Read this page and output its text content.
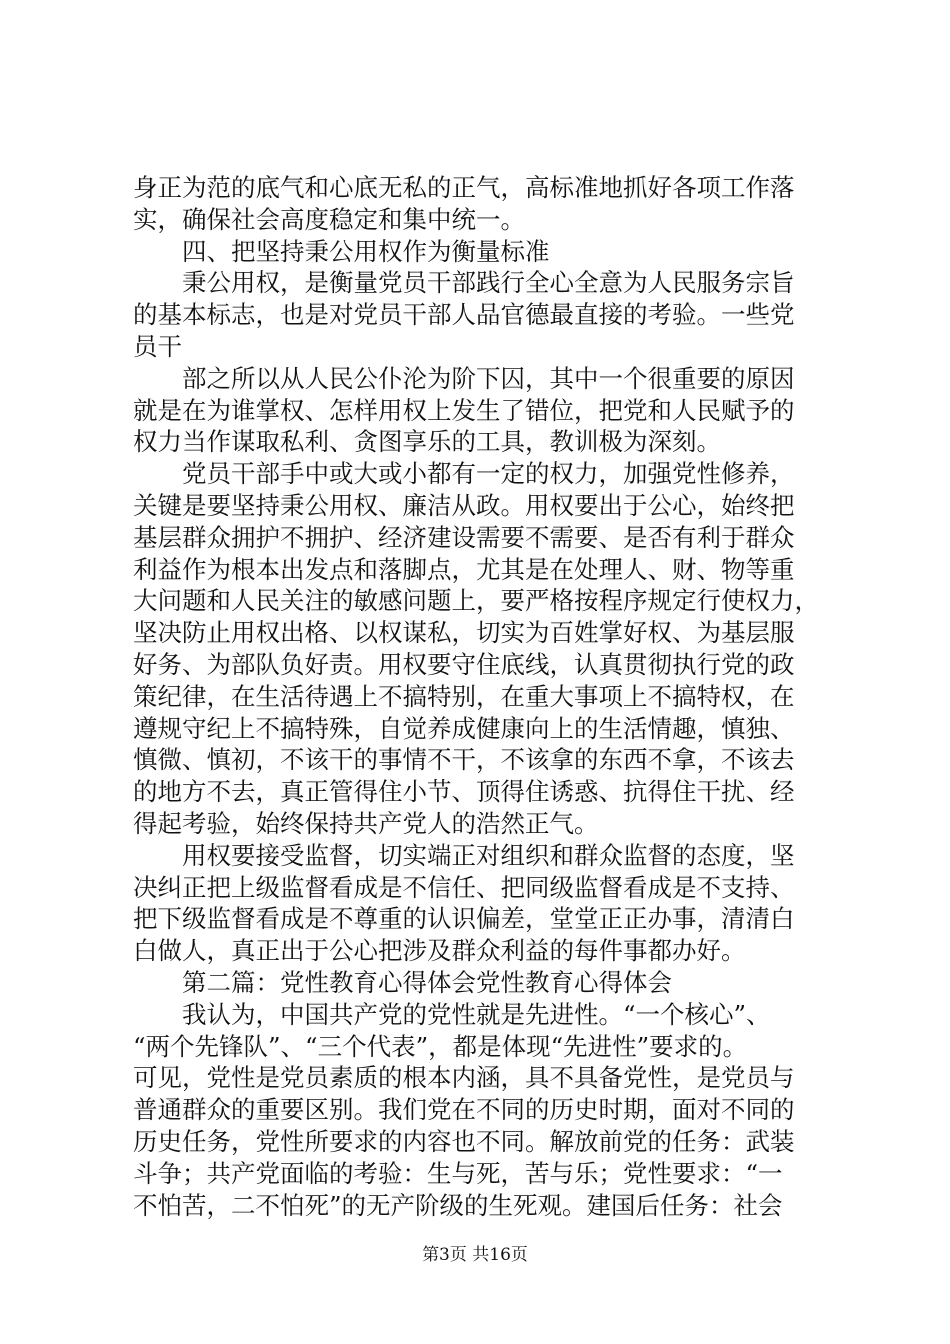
身正为范的底气和心底无私的正气，高标准地抓好各项工作落
实，确保社会高度稳定和集中统一。
四、把坚持秉公用权作为衡量标准
秉公用权，是衡量党员干部践行全心全意为人民服务宗旨
的基本标志，也是对党员干部人品官德最直接的考验。一些党
员干
部之所以从人民公仆沦为阶下囚，其中一个很重要的原因
就是在为谁掌权、怎样用权上发生了错位，把党和人民赋予的
权力当作谋取私利、贪图享乐的工具，教训极为深刻。
党员干部手中或大或小都有一定的权力，加强党性修养，
关键是要坚持秉公用权、廉洁从政。用权要出于公心，始终把
基层群众拥护不拥护、经济建设需要不需要、是否有利于群众
利益作为根本出发点和落脚点，尤其是在处理人、财、物等重
大问题和人民关注的敏感问题上，要严格按程序规定行使权力，
坚决防止用权出格、以权谋私，切实为百姓掌好权、为基层服
好务、为部队负好责。用权要守住底线，认真贯彻执行党的政
策纪律，在生活待遇上不搞特别，在重大事项上不搞特权，在
遵规守纪上不搞特殊，自觉养成健康向上的生活情趣，慎独、
慎微、慎初，不该干的事情不干，不该拿的东西不拿，不该去
的地方不去，真正管得住小节、顶得住诱惑、抗得住干扰、经
得起考验，始终保持共产党人的浩然正气。
用权要接受监督，切实端正对组织和群众监督的态度，坚
决纠正把上级监督看成是不信任、把同级监督看成是不支持、
把下级监督看成是不尊重的认识偏差，堂堂正正办事，清清白
白做人，真正出于公心把涉及群众利益的每件事都办好。
第二篇：党性教育心得体会党性教育心得体会
我认为，中国共产党的党性就是先进性。“一个核心”、
“两个先锋队”、“三个代表”，都是体现“先进性”要求的。
可见，党性是党员素质的根本内涵，具不具备党性，是党员与
普通群众的重要区别。我们党在不同的历史时期，面对不同的
历史任务，党性所要求的内容也不同。解放前党的任务：武装
斗争；共产党面临的考验：生与死，苦与乐；党性要求：“一
不怕苦，二不怕死”的无产阶级的生死观。建国后任务：社会
第3页 共16页
